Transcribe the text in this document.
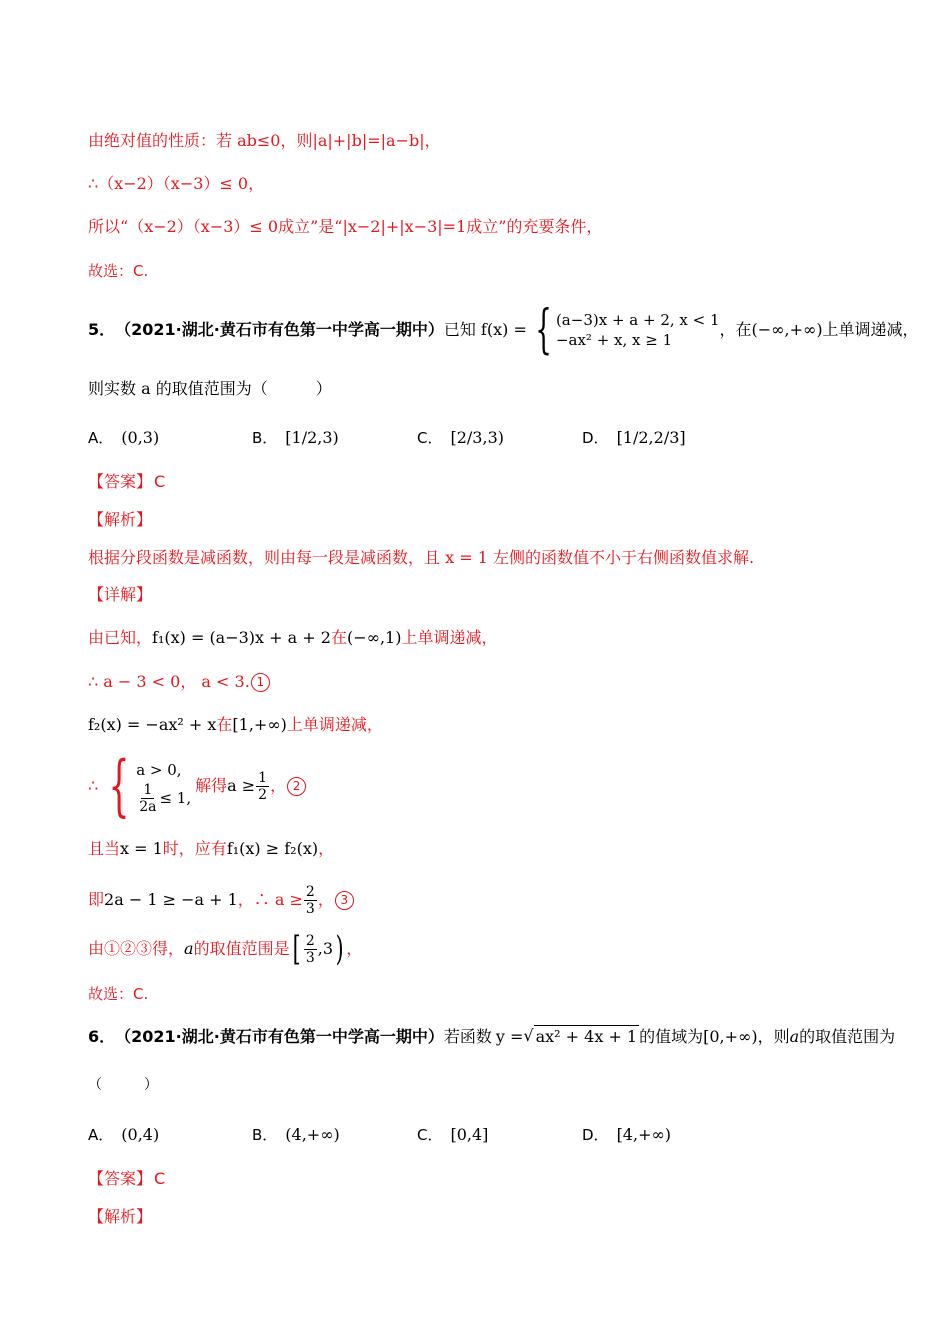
由绝对值的性质：若 ab≤0，则|a|+|b|=|a−b|，
∴（x−2）（x−3）≤ 0，
所以“ （x−2）（x−3）≤ 0 成立”是“ |x−2|+|x−3|=1 成立”的充要条件，
故选：C.
5． （2021·湖北·黄石市有色第一中学高一期中） 已知 f(x) = { (a−3)x + a + 2, x < 1
−ax² + x, x ≥ 1
，在(−∞,+∞)上单调递减，
则实数 a 的取值范围为（　　　）
A． (0,3)	B． [1/2,3)	C． [2/3,3)	D． [1/2,2/3]
【答案】 C
【解析】
根据分段函数是减函数，则由每一段是减函数，且 x = 1 左侧的函数值不小于右侧函数值求解.
【详解】
由已知， f₁(x) = (a−3)x + a + 2 在 (−∞,1) 上单调递减，
∴ a − 3 < 0， a < 3. 1
f₂(x) = −ax² + x 在 [1,+∞) 上单调递减，
∴ { a > 0,
$\frac{1}{2a} \le 1$,
解得 $a \ge \frac{1}{2}$ ， 2
且当 x = 1 时，应有 f₁(x) ≥ f₂(x) ，
即 2a − 1 ≥ −a + 1 ，∴ $a \ge \frac{2}{3}$ ， 3
由①②③得， a 的取值范围是 [ $\frac{2}{3} ,3$ ) ，
故选：C.
6． （2021·湖北·黄石市有色第一中学高一期中） 若函数 y = √ ax² + 4x + 1 的值域为 [0,+∞) ，则 a 的取值范围为
（　　　）
A． (0,4)	B． (4,+∞)	C． [0,4]	D． [4,+∞)
【答案】 C
【解析】
